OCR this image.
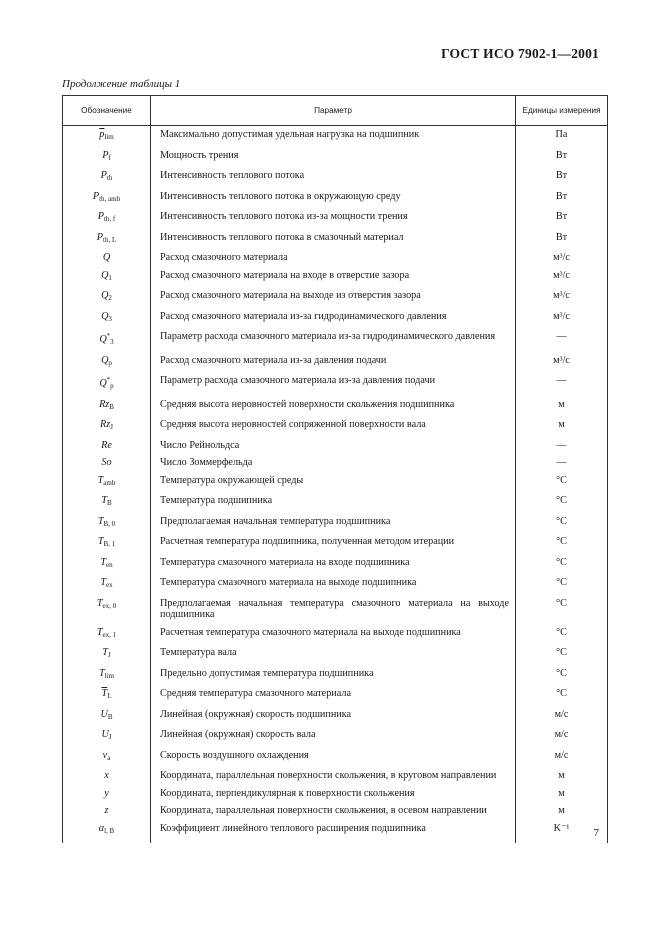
ГОСТ ИСО 7902-1—2001
Продолжение таблицы 1
Обозначение	Параметр	Единицы измерения
$\overline{p}_{lim}$	Максимально допустимая удельная нагрузка на подшипник	Па
$P_f$	Мощность трения	Вт
$P_{th}$	Интенсивность теплового потока	Вт
$P_{th, amb}$	Интенсивность теплового потока в окружающую среду	Вт
$P_{th, f}$	Интенсивность теплового потока из-за мощности трения	Вт
$P_{th, L}$	Интенсивность теплового потока в смазочный материал	Вт
Q	Расход смазочного материала	м³/с
$Q_1$	Расход смазочного материала на входе в отверстие зазора	м³/с
$Q_2$	Расход смазочного материала на выходе из отверстия зазора	м³/с
$Q_3$	Расход смазочного материала из-за гидродинамического давления	м³/с
$Q^*_3$	Параметр расхода смазочного материала из-за гидродинамического давления	—
$Q_p$	Расход смазочного материала из-за давления подачи	м³/с
$Q^*_p$	Параметр расхода смазочного материала из-за давления подачи	—
$Rz_B$	Средняя высота неровностей поверхности скольжения подшипника	м
$Rz_J$	Средняя высота неровностей сопряженной поверхности вала	м
Re	Число Рейнольдса	—
So	Число Зоммерфельда	—
$T_{amb}$	Температура окружающей среды	°С
$T_B$	Температура подшипника	°С
$T_{B, 0}$	Предполагаемая начальная температура подшипника	°С
$T_{B, 1}$	Расчетная температура подшипника, полученная методом итерации	°С
$T_{en}$	Температура смазочного материала на входе подшипника	°С
$T_{ex}$	Температура смазочного материала на выходе подшипника	°С
$T_{ex, 0}$	Предполагаемая начальная температура смазочного материала на выходе подшипника	°С
$T_{ex, 1}$	Расчетная температура смазочного материала на выходе подшипника	°С
$T_J$	Температура вала	°С
$T_{lim}$	Предельно допустимая температура подшипника	°С
$\overline{T}_L$	Средняя температура смазочного материала	°С
$U_B$	Линейная (окружная) скорость подшипника	м/с
$U_J$	Линейная (окружная) скорость вала	м/с
$v_a$	Скорость воздушного охлаждения	м/с
x	Координата, параллельная поверхности скольжения, в круговом направлении	м
y	Координата, перпендикулярная к поверхности скольжения	м
z	Координата, параллельная поверхности скольжения, в осевом направлении	м
$\alpha_{l, B}$	Коэффициент линейного теплового расширения подшипника	K⁻¹ 7
